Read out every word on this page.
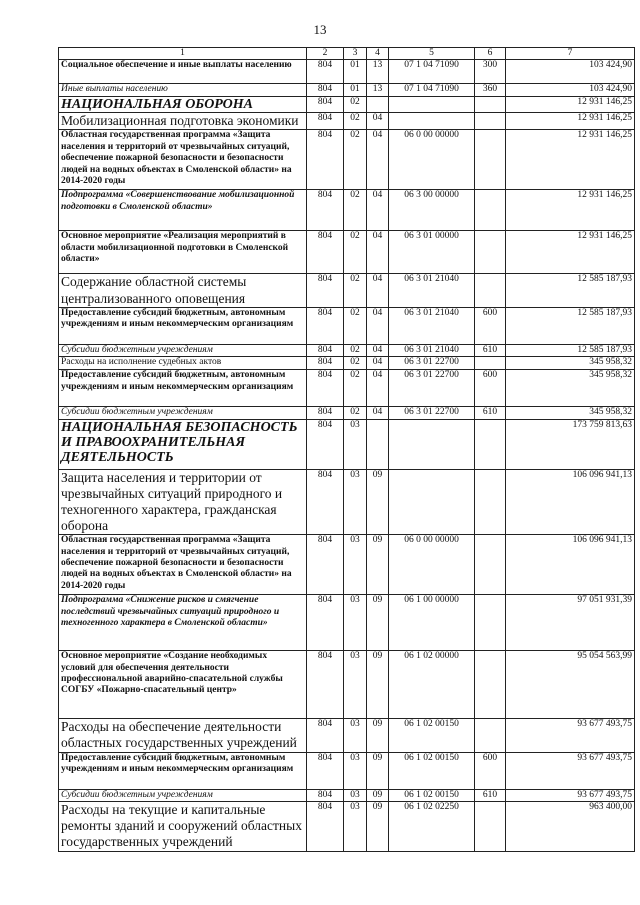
13
1	2	3	4	5	6	7
Социальное обеспечение и иные выплаты населению	804	01	13	07 1 04 71090	300	103 424,90
Иные выплаты населению	804	01	13	07 1 04 71090	360	103 424,90
НАЦИОНАЛЬНАЯ ОБОРОНА	804	02				12 931 146,25
Мобилизационная подготовка экономики	804	02	04			12 931 146,25
Областная государственная программа «Защита населения и территорий от чрезвычайных ситуаций, обеспечение пожарной безопасности и безопасности людей на водных объектах в Смоленской области» на 2014-2020 годы	804	02	04	06 0 00 00000		12 931 146,25
Подпрограмма «Совершенствование мобилизационной подготовки в Смоленской области»	804	02	04	06 3 00 00000		12 931 146,25
Основное мероприятие «Реализация мероприятий в области мобилизационной подготовки в Смоленской области»	804	02	04	06 3 01 00000		12 931 146,25
Содержание областной системы централизованного оповещения	804	02	04	06 3 01 21040		12 585 187,93
Предоставление субсидий бюджетным, автономным учреждениям и иным некоммерческим организациям	804	02	04	06 3 01 21040	600	12 585 187,93
Субсидии бюджетным учреждениям	804	02	04	06 3 01 21040	610	12 585 187,93
Расходы на исполнение судебных актов	804	02	04	06 3 01 22700		345 958,32
Предоставление субсидий бюджетным, автономным учреждениям и иным некоммерческим организациям	804	02	04	06 3 01 22700	600	345 958,32
Субсидии бюджетным учреждениям	804	02	04	06 3 01 22700	610	345 958,32
НАЦИОНАЛЬНАЯ БЕЗОПАСНОСТЬ И ПРАВООХРАНИТЕЛЬНАЯ ДЕЯТЕЛЬНОСТЬ	804	03				173 759 813,63
Защита населения и территории от чрезвычайных ситуаций природного и техногенного характера, гражданская оборона	804	03	09			106 096 941,13
Областная государственная программа «Защита населения и территорий от чрезвычайных ситуаций, обеспечение пожарной безопасности и безопасности людей на водных объектах в Смоленской области» на 2014-2020 годы	804	03	09	06 0 00 00000		106 096 941,13
Подпрограмма «Снижение рисков и смягчение последствий чрезвычайных ситуаций природного и техногенного характера в Смоленской области»	804	03	09	06 1 00 00000		97 051 931,39
Основное мероприятие «Создание необходимых условий для обеспечения деятельности профессиональной аварийно-спасательной службы СОГБУ «Пожарно-спасательный центр»	804	03	09	06 1 02 00000		95 054 563,99
Расходы на обеспечение деятельности областных государственных учреждений	804	03	09	06 1 02 00150		93 677 493,75
Предоставление субсидий бюджетным, автономным учреждениям и иным некоммерческим организациям	804	03	09	06 1 02 00150	600	93 677 493,75
Субсидии бюджетным учреждениям	804	03	09	06 1 02 00150	610	93 677 493,75
Расходы на текущие и капитальные ремонты зданий и сооружений областных государственных учреждений	804	03	09	06 1 02 02250		963 400,00
